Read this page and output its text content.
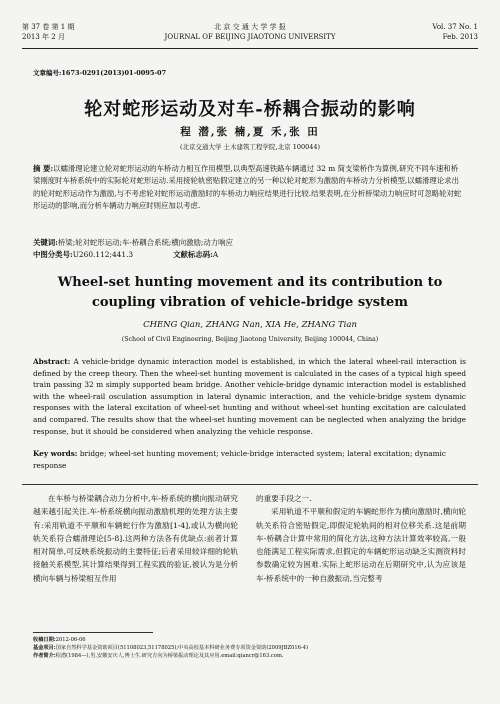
第 37 卷 第 1 期
2013 年 2 月
北 京 交 通 大 学 学 报
JOURNAL OF BEIJING JIAOTONG UNIVERSITY
Vol. 37 No. 1
Feb. 2013
文章编号:1673-0291(2013)01-0095-07
轮对蛇形运动及对车-桥耦合振动的影响
程 潜,张 楠,夏 禾,张 田
(北京交通大学 土木建筑工程学院,北京 100044)
摘 要:以蠕滑理论建立轮对蛇形运动的车桥动力相互作用模型,以典型高速铁路车辆通过 32 m 简支梁桥作为算例,研究不同车速和桥梁刚度时车桥系统中的实际轮对蛇形运动.采用接轮轨密贴假定建立的另一种以轮对蛇形为激励的车桥动力分析模型,以蠕滑理论求出的轮对蛇形运动作为激励,与不考虑轮对蛇形运动激励时的车桥动力响应结果进行比较.结果表明,在分析桥梁动力响应时可忽略轮对蛇形运动的影响,而分析车辆动力响应时则应加以考虑.
关键词:桥梁;轮对蛇形运动;车-桥耦合系统;横向激励;动力响应
中图分类号:U260.112;441.3	文献标志码:A
Wheel-set hunting movement and its contribution to coupling vibration of vehicle-bridge system
CHENG Qian, ZHANG Nan, XIA He, ZHANG Tian
(School of Civil Engineering, Beijing Jiaotong University, Beijing 100044, China)
Abstract: A vehicle-bridge dynamic interaction model is established, in which the lateral wheel-rail interaction is defined by the creep theory. Then the wheel-set hunting movement is calculated in the cases of a typical high speed train passing 32 m simply supported beam bridge. Another vehicle-bridge dynamic interaction model is established with the wheel-rail osculation assumption in lateral dynamic interaction, and the vehicle-bridge system dynamic responses with the lateral excitation of wheel-set hunting and without wheel-set hunting excitation are calculated and compared. The results show that the wheel-set hunting movement can be neglected when analyzing the bridge response, but it should be considered when analyzing the vehicle response.
Key words: bridge; wheel-set hunting movement; vehicle-bridge interacted system; lateral excitation; dynamic response

在车桥与桥梁耦合动力分析中,车-桥系统的横向振动研究越来越引起关注.车-桥系统横向振动激励机理的处理方法主要有:采用轨道不平顺和车辆蛇行作为激励[1-4],或认为横向轮轨关系符合蠕滑理论[5-8].这两种方法各有优缺点:前者计算相对简单,可反映系统振动的主要特征;后者采用较详细的轮轨接触关系模型,其计算结果得到工程实践的验证,被认为是分析横向车辆与桥梁相互作用

的重要手段之一.

采用轨道不平顺和假定的车辆蛇形作为横向激励时,横向轮轨关系符合密贴假定,即假定轮轨间的相对位移关系.这是前期车-桥耦合计算中常用的简化方法,这种方法计算效率较高,一般也能满足工程实际需求,但假定的车辆蛇形运动缺乏实测资料时参数确定较为困难.实际上蛇形运动在后期研究中,认为应该是车-桥系统中的一种自激振动,当完整考

收稿日期:2012-06-06
基金项目:国家自然科学基金资助项目(51108023,51178025);中央高校基本科研业务费专项资金资助(2009JBZ016-4)
作者简介:程潜(1984—),男,安徽安庆人,博士生.研究方向为桥梁振动理论及其应用.email:qiancr@163.com.
